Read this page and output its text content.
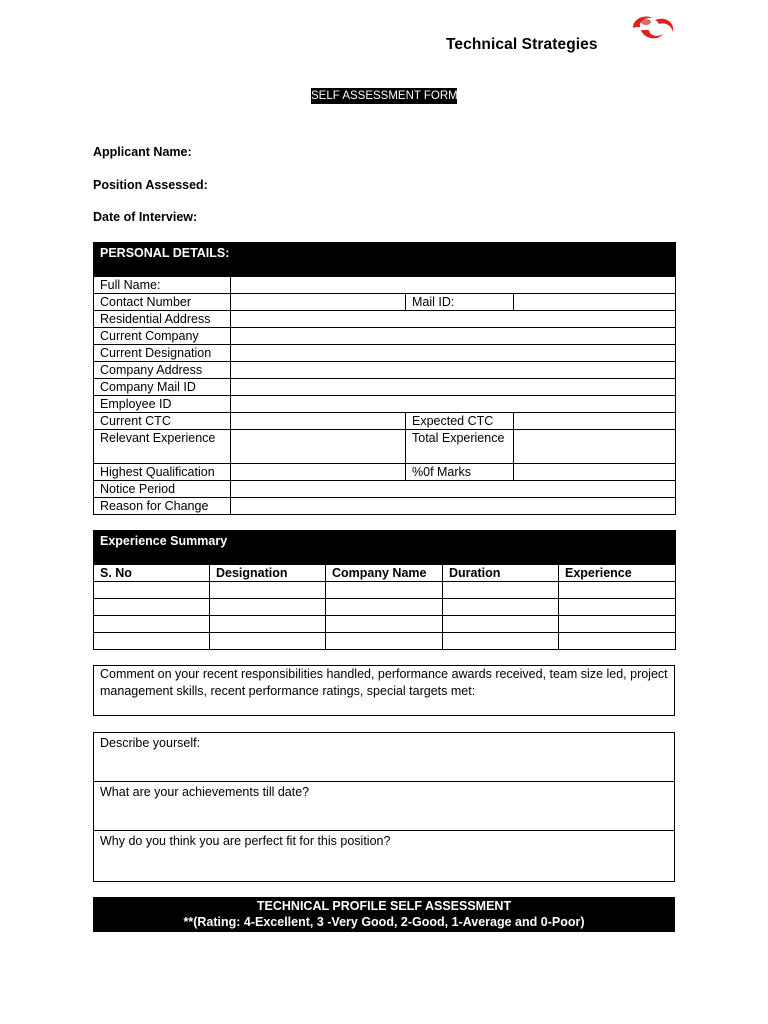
Technical Strategies
SELF ASSESSMENT FORM
Applicant Name:
Position Assessed:
Date of Interview:
PERSONAL DETAILS:			
Full Name:			
Contact Number		Mail ID:	
Residential Address			
Current Company			
Current Designation			
Company Address			
Company Mail ID			
Employee ID			
Current CTC		Expected CTC	
Relevant Experience		Total Experience	
Highest Qualification		%0f Marks	
Notice Period			
Reason for Change			
Experience Summary				
S. No	Designation	Company Name	Duration	Experience

Comment on your recent responsibilities handled, performance awards received, team size led, project management skills, recent performance ratings, special targets met:
Describe yourself:
What are your achievements till date?
Why do you think you are perfect fit for this position?
TECHNICAL PROFILE SELF ASSESSMENT
**(Rating: 4-Excellent, 3 -Very Good, 2-Good, 1-Average and 0-Poor)
